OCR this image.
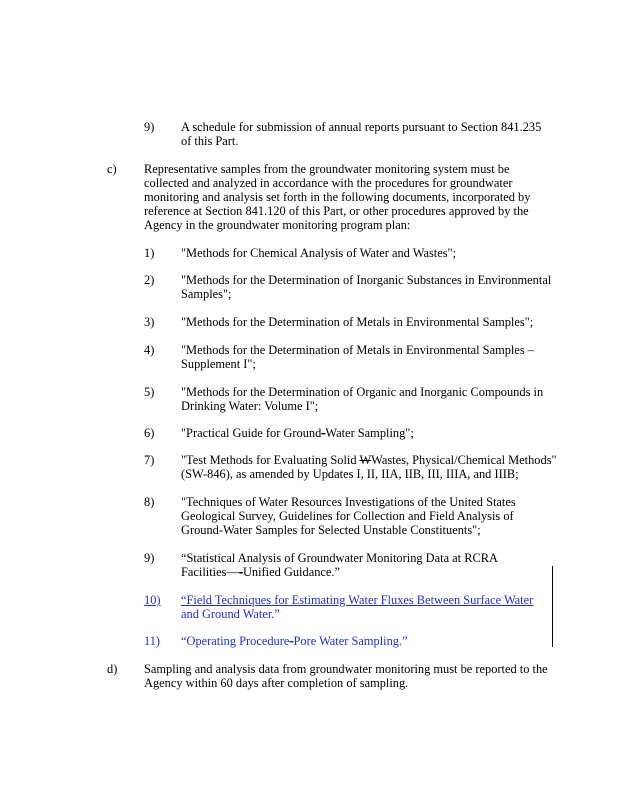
9) A schedule for submission of annual reports pursuant to Section 841.235
of this Part.
c) Representative samples from the groundwater monitoring system must be
collected and analyzed in accordance with the procedures for groundwater
monitoring and analysis set forth in the following documents, incorporated by
reference at Section 841.120 of this Part, or other procedures approved by the
Agency in the groundwater monitoring program plan:
1) "Methods for Chemical Analysis of Water and Wastes";
2) "Methods for the Determination of Inorganic Substances in Environmental
Samples";
3) "Methods for the Determination of Metals in Environmental Samples";
4) "Methods for the Determination of Metals in Environmental Samples –
Supplement I";
5) "Methods for the Determination of Organic and Inorganic Compounds in
Drinking Water: Volume I";
6) "Practical Guide for Ground-Water Sampling";
7) "Test Methods for Evaluating Solid WWastes, Physical/Chemical Methods"
(SW-846), as amended by Updates I, II, IIA, IIB, III, IIIA, and IIIB;
8) "Techniques of Water Resources Investigations of the United States
Geological Survey, Guidelines for Collection and Field Analysis of
Ground-Water Samples for Selected Unstable Constituents";
9) “Statistical Analysis of Groundwater Monitoring Data at RCRA
Facilities—-Unified Guidance.”
10) “Field Techniques for Estimating Water Fluxes Between Surface Water
and Ground Water.”
11) “Operating Procedure-Pore Water Sampling.”
d) Sampling and analysis data from groundwater monitoring must be reported to the
Agency within 60 days after completion of sampling.
